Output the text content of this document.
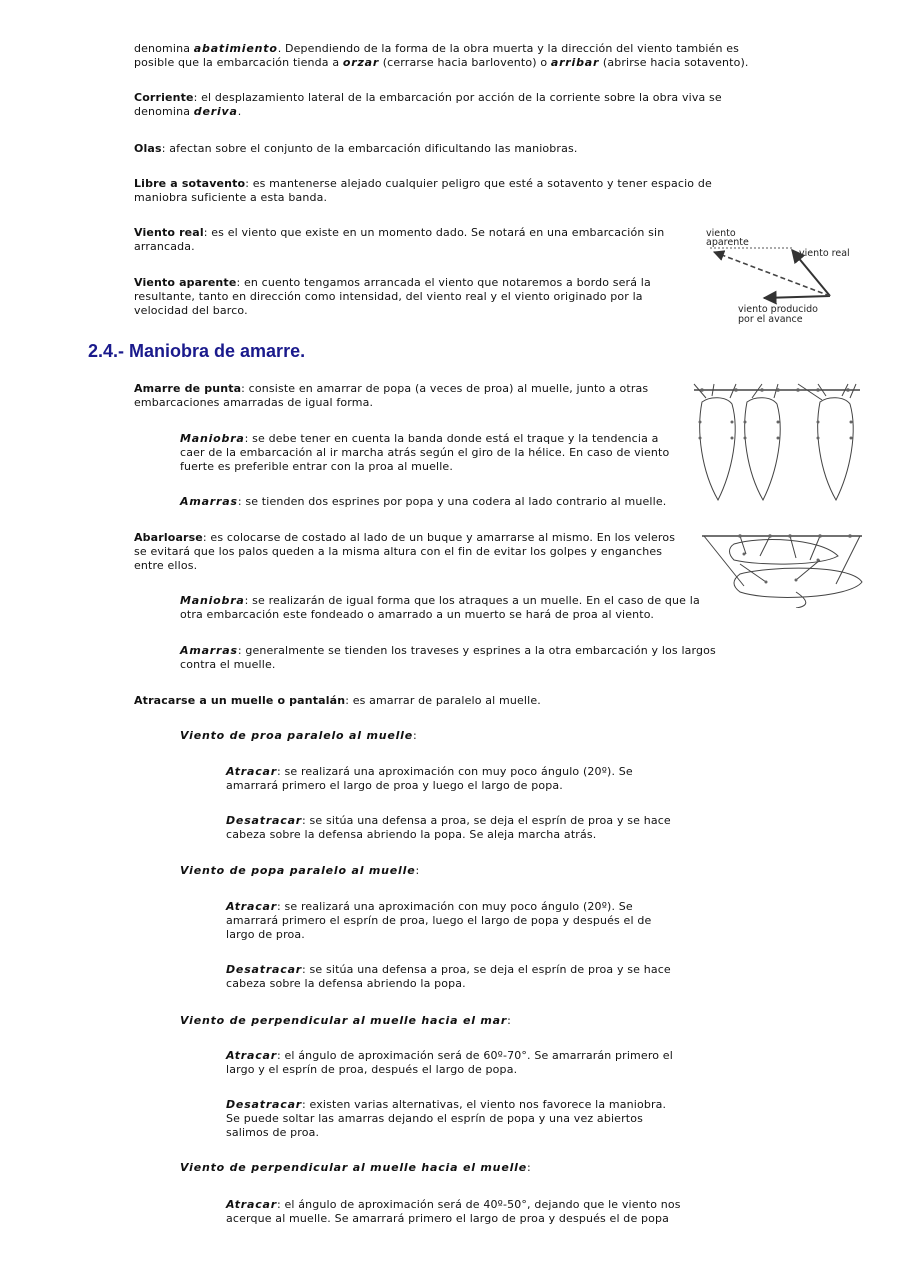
denomina abatimiento. Dependiendo de la forma de la obra muerta y la dirección del viento también es posible que la embarcación tienda a orzar (cerrarse hacia barlovento) o arribar (abrirse hacia sotavento).
Corriente: el desplazamiento lateral de la embarcación por acción de la corriente sobre la obra viva se denomina deriva.
Olas: afectan sobre el conjunto de la embarcación dificultando las maniobras.
Libre a sotavento: es mantenerse alejado cualquier peligro que esté a sotavento y tener espacio de maniobra suficiente a esta banda.
Viento real: es el viento que existe en un momento dado. Se notará en una embarcación sin arrancada.
Viento aparente: en cuento tengamos arrancada el viento que notaremos a bordo será la resultante, tanto en dirección como intensidad, del viento real y el viento originado por la velocidad del barco.
viento
aparente
viento real
viento producido
por el avance
2.4.- Maniobra de amarre.
Amarre de punta: consiste en amarrar de popa (a veces de proa) al muelle, junto a otras embarcaciones amarradas de igual forma.
Maniobra: se debe tener en cuenta la banda donde está el traque y la tendencia a caer de la embarcación al ir marcha atrás según el giro de la hélice. En caso de viento fuerte es preferible entrar con la proa al muelle.
Amarras: se tienden dos esprines por popa y una codera al lado contrario al muelle.
Abarloarse: es colocarse de costado al lado de un buque y amarrarse al mismo. En los veleros se evitará que los palos queden a la misma altura con el fin de evitar los golpes y enganches entre ellos.
Maniobra: se realizarán de igual forma que los atraques a un muelle. En el caso de que la otra embarcación este fondeado o amarrado a un muerto se hará de proa al viento.
Amarras: generalmente se tienden los traveses y esprines a la otra embarcación y los largos contra el muelle.
Atracarse a un muelle o pantalán: es amarrar de paralelo al muelle.
Viento de proa paralelo al muelle:
Atracar: se realizará una aproximación con muy poco ángulo (20º). Se amarrará primero el largo de proa y luego el largo de popa.
Desatracar: se sitúa una defensa a proa, se deja el esprín de proa y se hace cabeza sobre la defensa abriendo la popa. Se aleja marcha atrás.
Viento de popa paralelo al muelle:
Atracar: se realizará una aproximación con muy poco ángulo (20º). Se amarrará primero el esprín de proa, luego el largo de popa y después el de largo de proa.
Desatracar: se sitúa una defensa a proa, se deja el esprín de proa y se hace cabeza sobre la defensa abriendo la popa.
Viento de perpendicular al muelle hacia el mar:
Atracar: el ángulo de aproximación será de 60º-70°. Se amarrarán primero el largo y el esprín de proa, después el largo de popa.
Desatracar: existen varias alternativas, el viento nos favorece la maniobra. Se puede soltar las amarras dejando el esprín de popa y una vez abiertos salimos de proa.
Viento de perpendicular al muelle hacia el muelle:
Atracar: el ángulo de aproximación será de 40º-50°, dejando que le viento nos acerque al muelle. Se amarrará primero el largo de proa y después el de popa
